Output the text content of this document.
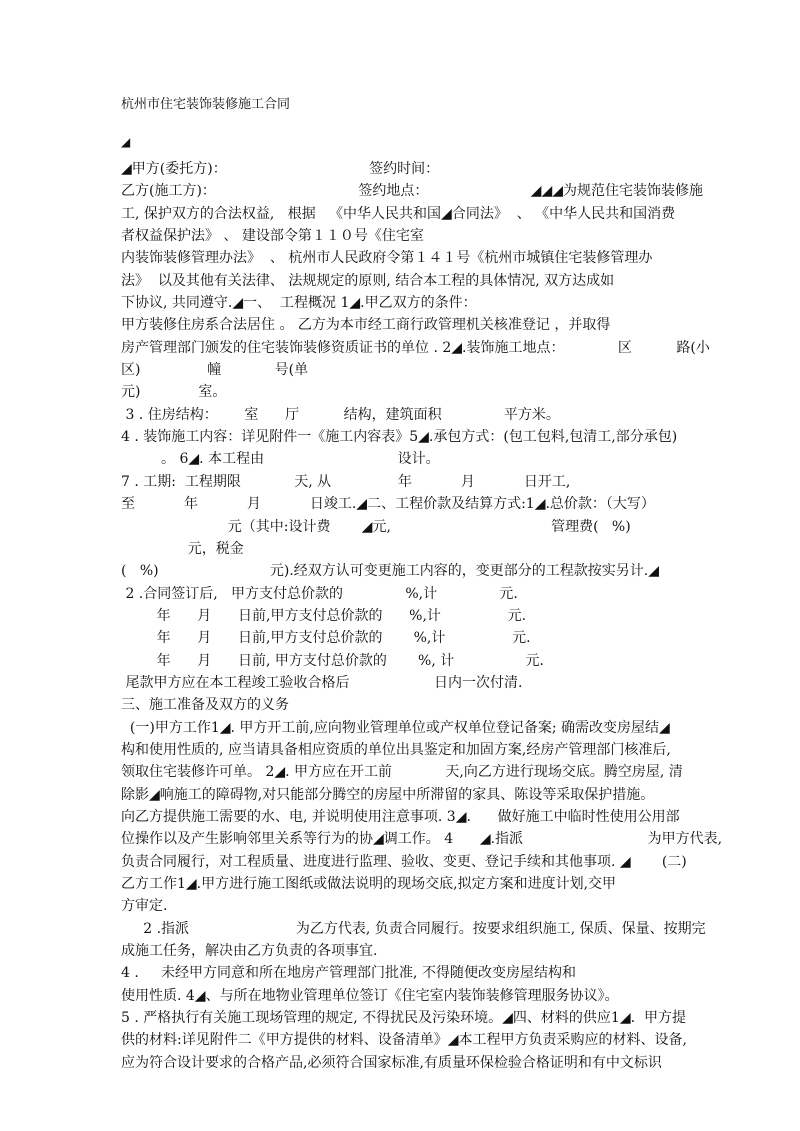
杭州市住宅装饰装修施工合同
◢
◢甲方(委托方)：                                签约时间：
乙方(施工方)：                                签约地点：                       ◢◢◢为规范住宅装饰装修施
工, 保护双方的合法权益,   根据   《中华人民共和国◢合同法》  、 《中华人民共和国消费
者权益保护法》 、 建设部令第１１０号《住宅室
内装饰装修管理办法》  、 杭州市人民政府令第１４１号《杭州市城镇住宅装修管理办
法》  以及其他有关法律、 法规规定的原则, 结合本工程的具体情况, 双方达成如
下协议, 共同遵守.◢一、  工程概况 1◢.甲乙双方的条件：
甲方装修住房系合法居住 。 乙方为本市经工商行政管理机关核准登记 ，并取得
房产管理部门颁发的住宅装饰装修资质证书的单位 . 2◢.装饰施工地点：            区          路(小
区)               幢            号(单
元)             室。
3 . 住房结构：      室      厅          结构，建筑面积              平方米。
4 . 装饰施工内容：详见附件一《施工内容表》5◢.承包方式：(包工包料,包清工,部分承包)
。 6◢. 本工程由                              设计。
7 . 工期:  工程期限            天, 从               年           月           日开工,
至           年           月           日竣工.◢二、工程价款及结算方式:1◢.总价款：（大写）
元（其中:设计费       ◢元,                                    管理费(   %)
元，税金
(   %)                         元).经双方认可变更施工内容的，变更部分的工程款按实另计.◢
2 .合同签订后,   甲方支付总价款的              %,计              元.
年      月      日前,甲方支付总价款的      %,计               元.
年      月      日前,甲方支付总价款的       %,计               元.
年      月      日前, 甲方支付总价款的       %, 计                元.
尾款甲方应在本工程竣工验收合格后                   日内一次付清.
三、施工准备及双方的义务
(一)甲方工作1◢. 甲方开工前,应向物业管理单位或产权单位登记备案; 确需改变房屋结◢
构和使用性质的, 应当请具备相应资质的单位出具鉴定和加固方案,经房产管理部门核准后,
领取住宅装修许可单。 2◢. 甲方应在开工前            天,向乙方进行现场交底。腾空房屋, 清
除影◢响施工的障碍物,对只能部分腾空的房屋中所滞留的家具、陈设等采取保护措施。
向乙方提供施工需要的水、电, 并说明使用注意事项. 3◢.      做好施工中临时性使用公用部
位操作以及产生影响邻里关系等行为的协◢调工作。 4      ◢.指派                            为甲方代表,
负责合同履行，对工程质量、进度进行监理、验收、变更、登记手续和其他事项. ◢       (二)
乙方工作1◢.甲方进行施工图纸或做法说明的现场交底,拟定方案和进度计划,交甲
方审定.
2 .指派                        为乙方代表, 负责合同履行。按要求组织施工, 保质、保量、按期完
成施工任务，解决由乙方负责的各项事宜.
4 .     未经甲方同意和所在地房产管理部门批准, 不得随便改变房屋结构和
使用性质. 4◢、与所在地物业管理单位签订《住宅室内装饰装修管理服务协议》。
5 . 严格执行有关施工现场管理的规定, 不得扰民及污染环境。◢四、材料的供应1◢.  甲方提
供的材料:详见附件二《甲方提供的材料、设备清单》◢本工程甲方负责采购应的材料、设备,
应为符合设计要求的合格产品,必须符合国家标准,有质量环保检验合格证明和有中文标识
